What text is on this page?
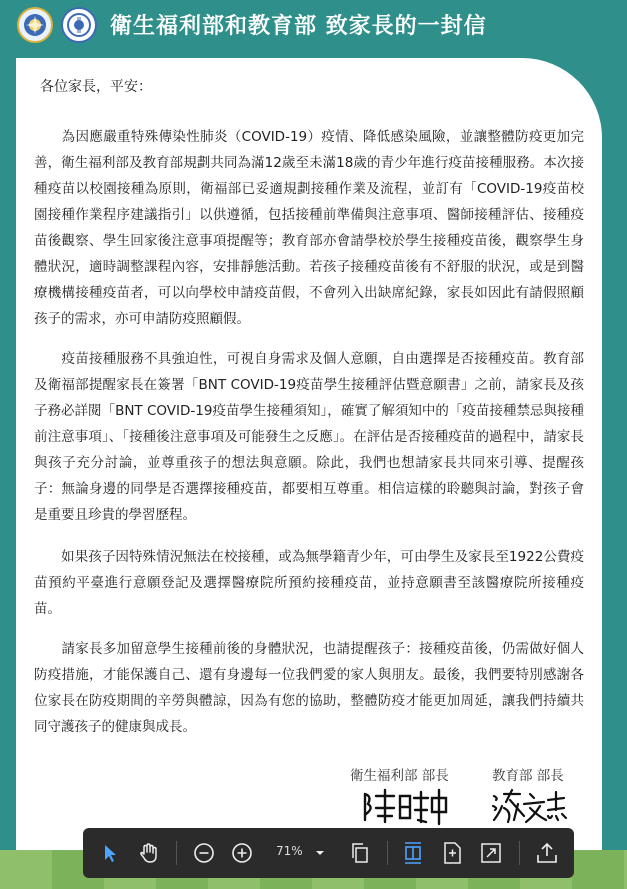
衛生福利部和教育部 致家長的一封信
各位家長，平安：

　　為因應嚴重特殊傳染性肺炎（COVID-19）疫情、降低感染風險，並讓整體防疫更加完善，衛生福利部及教育部規劃共同為滿12歲至未滿18歲的青少年進行疫苗接種服務。本次接種疫苗以校園接種為原則，衛福部已妥適規劃接種作業及流程，並訂有「COVID-19疫苗校園接種作業程序建議指引」以供遵循，包括接種前準備與注意事項、醫師接種評估、接種疫苗後觀察、學生回家後注意事項提醒等；教育部亦會請學校於學生接種疫苗後，觀察學生身體狀況，適時調整課程內容，安排靜態活動。若孩子接種疫苗後有不舒服的狀況，或是到醫療機構接種疫苗者，可以向學校申請疫苗假，不會列入出缺席紀錄，家長如因此有請假照顧孩子的需求，亦可申請防疫照顧假。

　　疫苗接種服務不具強迫性，可視自身需求及個人意願，自由選擇是否接種疫苗。教育部及衛福部提醒家長在簽署「BNT COVID-19疫苗學生接種評估暨意願書」之前，請家長及孩子務必詳閱「BNT COVID-19疫苗學生接種須知」，確實了解須知中的「疫苗接種禁忌與接種前注意事項」、「接種後注意事項及可能發生之反應」。在評估是否接種疫苗的過程中，請家長與孩子充分討論，並尊重孩子的想法與意願。除此，我們也想請家長共同來引導、提醒孩子：無論身邊的同學是否選擇接種疫苗，都要相互尊重。相信這樣的聆聽與討論，對孩子會是重要且珍貴的學習歷程。

　　如果孩子因特殊情況無法在校接種，或為無學籍青少年，可由學生及家長至1922公費疫苗預約平臺進行意願登記及選擇醫療院所預約接種疫苗，並持意願書至該醫療院所接種疫苗。

　　請家長多加留意學生接種前後的身體狀況，也請提醒孩子：接種疫苗後，仍需做好個人防疫措施，才能保護自己、還有身邊每一位我們愛的家人與朋友。最後，我們要特別感謝各位家長在防疫期間的辛勞與體諒，因為有您的協助，整體防疫才能更加周延，讓我們持續共同守護孩子的健康與成長。

衛生福利部 部長	教育部 部長
71%
